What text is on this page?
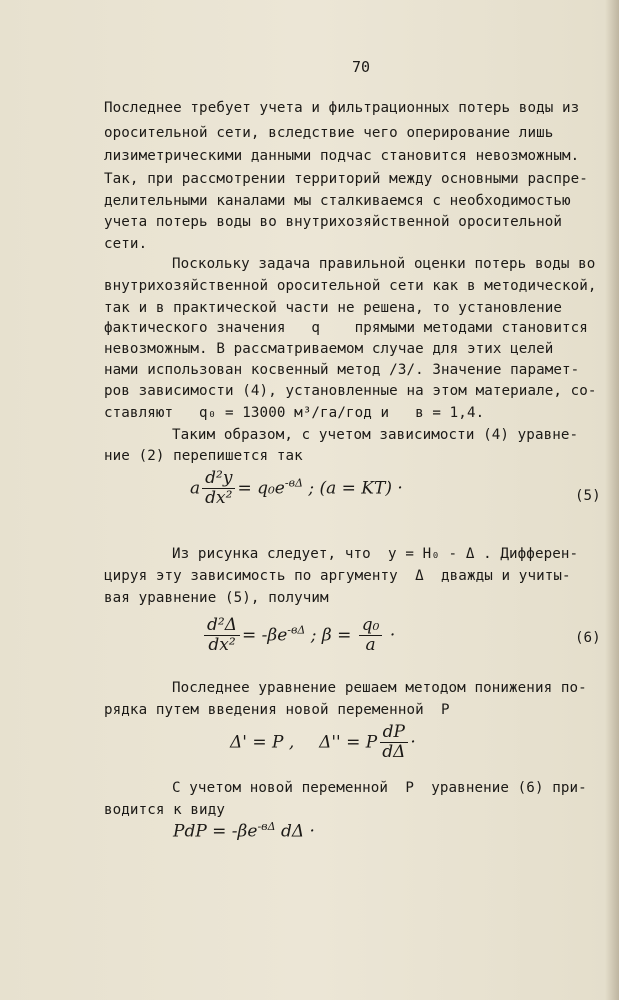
70
Последнее требует учета и фильтрационных потерь воды из
оросительной сети, вследствие чего оперирование лишь
лизиметрическими данными подчас становится невозможным.
Так, при рассмотрении территорий между основными распре-
делительными каналами мы сталкиваемся с необходимостью
учета потерь воды во внутрихозяйственной оросительной
сети.
Поскольку задача правильной оценки потерь воды во
внутрихозяйственной оросительной сети как в методической,
так и в практической части не решена, то установление
фактического значения   q    прямыми методами становится
невозможным. В рассматриваемом случае для этих целей
нами использован косвенный метод /3/. Значение парамет-
ров зависимости (4), установленные на этом материале, со-
ставляют   q₀ = 13000 м³/га/год и   в = 1,4.
Таким образом, с учетом зависимости (4) уравне-
ние (2) перепишется так
a $\frac{\text{d²y}}{\text{dx²}} = q_0e^{-в\Delta}$ ; (a = KT) ·	(5)
Из рисунка следует, что  y = H₀ - Δ . Дифферен-
цируя эту зависимость по аргументу  Δ  дважды и учиты-
вая уравнение (5), получим
$\frac{\text{d²Δ}}{\text{dx²}} = -\beta e^{-в\Delta}$ ; $\beta = \frac{\text{q₀}}{a}$ ·	(6)
Последнее уравнение решаем методом понижения по-
рядка путем введения новой переменной  P
Δ' = P , Δ'' = P $\frac{dP}{d\Delta}$ ·
С учетом новой переменной  P  уравнение (6) при-
водится к виду
PdP = $-\beta e^{-в\Delta}$ dΔ ·
